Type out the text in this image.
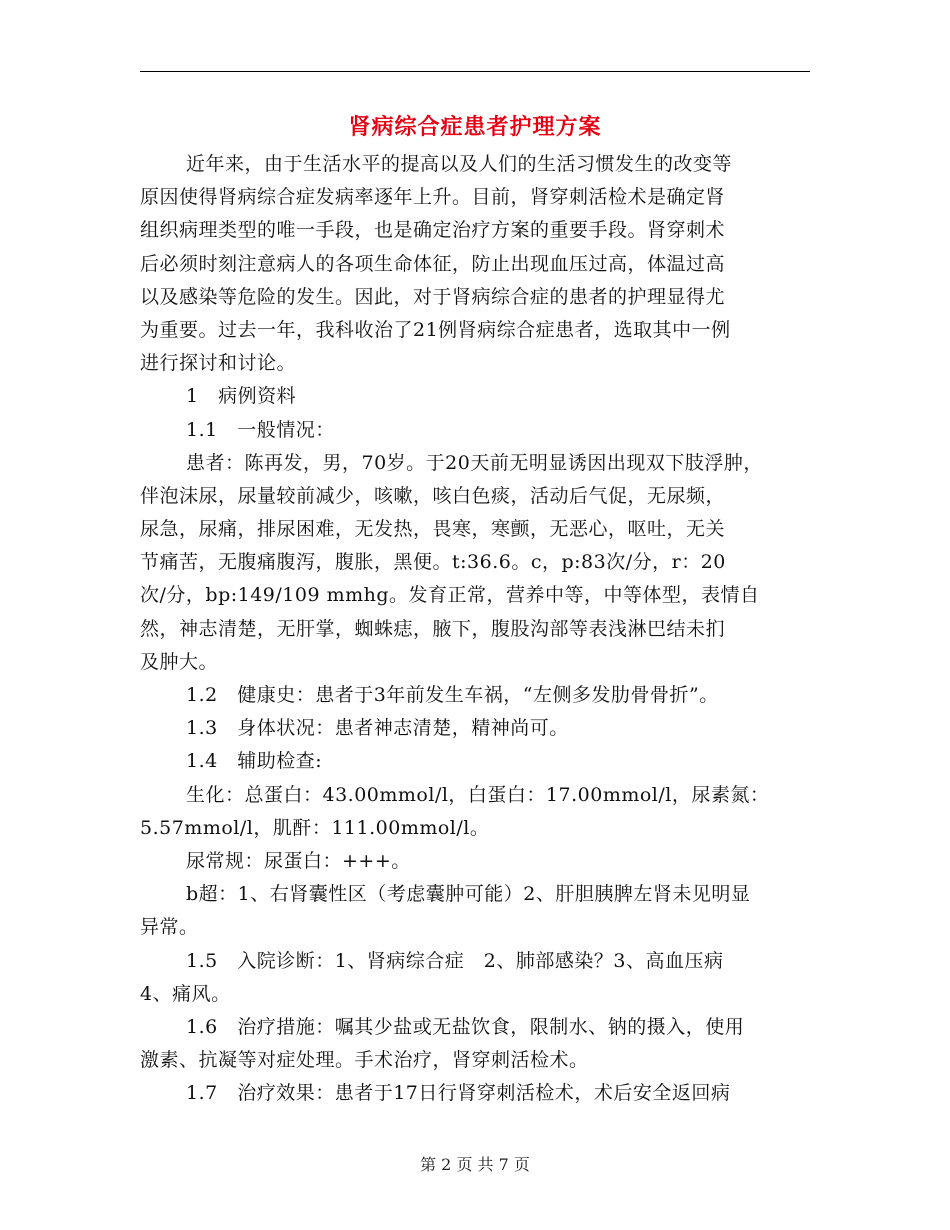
肾病综合症患者护理方案
近年来，由于生活水平的提高以及人们的生活习惯发生的改变等
原因使得肾病综合症发病率逐年上升。目前，肾穿刺活检术是确定肾
组织病理类型的唯一手段，也是确定治疗方案的重要手段。肾穿刺术
后必须时刻注意病人的各项生命体征，防止出现血压过高，体温过高
以及感染等危险的发生。因此，对于肾病综合症的患者的护理显得尤
为重要。过去一年，我科收治了21例肾病综合症患者，选取其中一例
进行探讨和讨论。
1　病例资料
1.1　一般情况：
患者：陈再发，男，70岁。于20天前无明显诱因出现双下肢浮肿，
伴泡沫尿，尿量较前减少，咳嗽，咳白色痰，活动后气促，无尿频，
尿急，尿痛，排尿困难，无发热，畏寒，寒颤，无恶心，呕吐，无关
节痛苦，无腹痛腹泻，腹胀，黑便。t:36.6。c，p:83次/分，r：20
次/分，bp:149/109 mmhg。发育正常，营养中等，中等体型，表情自
然，神志清楚，无肝掌，蜘蛛痣，腋下，腹股沟部等表浅淋巴结未扪
及肿大。
1.2　健康史：患者于3年前发生车祸，“左侧多发肋骨骨折”。
1.3　身体状况：患者神志清楚，精神尚可。
1.4　辅助检查:
生化：总蛋白：43.00mmol/l，白蛋白：17.00mmol/l，尿素氮：
5.57mmol/l，肌酐：111.00mmol/l。
尿常规：尿蛋白：+++。
b超：1、右肾囊性区（考虑囊肿可能）2、肝胆胰脾左肾未见明显
异常。
1.5　入院诊断：1、肾病综合症　2、肺部感染？3、高血压病
4、痛风。
1.6　治疗措施：嘱其少盐或无盐饮食，限制水、钠的摄入，使用
激素、抗凝等对症处理。手术治疗，肾穿刺活检术。
1.7　治疗效果：患者于17日行肾穿刺活检术，术后安全返回病
第 2 页 共 7 页
